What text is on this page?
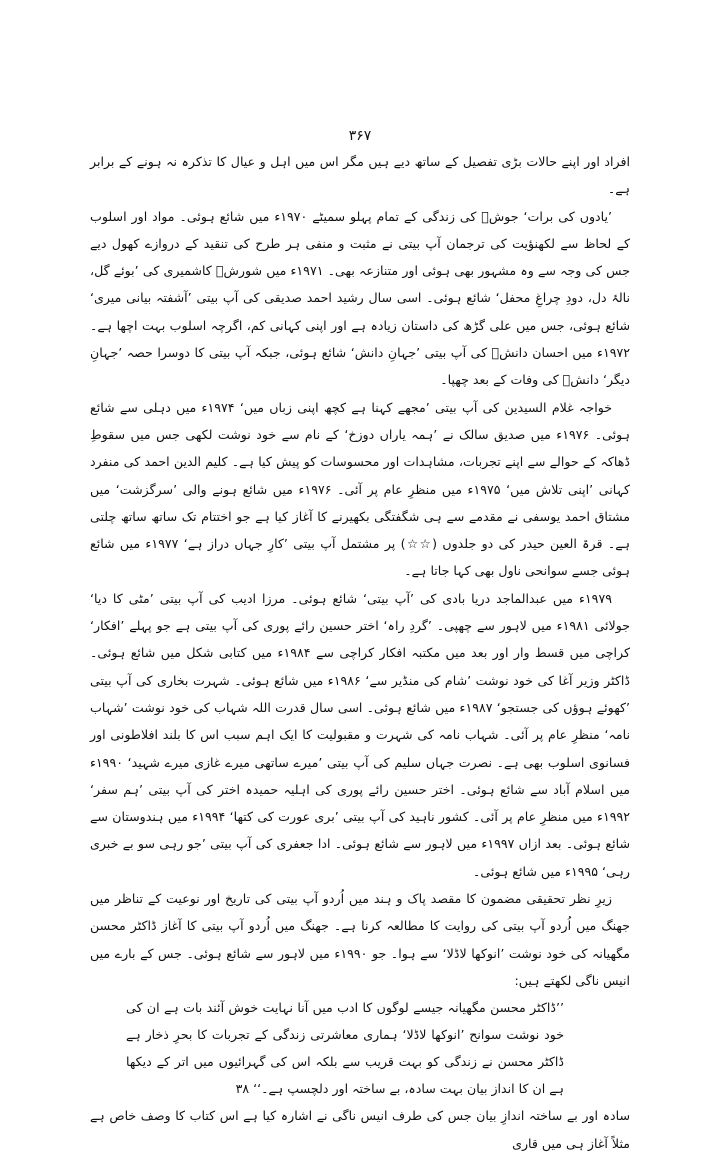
۳۶۷

افراد اور اپنے حالات بڑی تفصیل کے ساتھ دیے ہیں مگر اس میں اہل و عیال کا تذکرہ نہ ہونے کے برابر ہے۔

’یادوں کی برات‘ جوشؔ کی زندگی کے تمام پہلو سمیٹے ۱۹۷۰ء میں شائع ہوئی۔ مواد اور اسلوب کے لحاظ سے لکھنؤیت کی ترجمان آپ بیتی نے مثبت و منفی ہر طرح کی تنقید کے دروازے کھول دیے جس کی وجہ سے وہ مشہور بھی ہوئی اور متنازعہ بھی۔ ۱۹۷۱ء میں شورشؔ کاشمیری کی ’بوئے گل، نالۂ دل، دودِ چراغِ محفل‘ شائع ہوئی۔ اسی سال رشید احمد صدیقی کی آپ بیتی ’آشفتہ بیانی میری‘ شائع ہوئی، جس میں علی گڑھ کی داستان زیادہ ہے اور اپنی کہانی کم، اگرچہ اسلوب بہت اچھا ہے۔ ۱۹۷۲ء میں احسان دانشؔ کی آپ بیتی ’جہانِ دانش‘ شائع ہوئی، جبکہ آپ بیتی کا دوسرا حصہ ’جہانِ دیگر‘ دانشؔ کی وفات کے بعد چھپا۔

خواجہ غلام السیدین کی آپ بیتی ’مجھے کہنا ہے کچھ اپنی زباں میں‘ ۱۹۷۴ء میں دہلی سے شائع ہوئی۔ ۱۹۷۶ء میں صدیق سالک نے ’ہمہ یاراں دوزخ‘ کے نام سے خود نوشت لکھی جس میں سقوطِ ڈھاکہ کے حوالے سے اپنے تجربات، مشاہدات اور محسوسات کو پیش کیا ہے۔ کلیم الدین احمد کی منفرد کہانی ’اپنی تلاش میں‘ ۱۹۷۵ء میں منظرِ عام پر آئی۔ ۱۹۷۶ء میں شائع ہونے والی ’سرگزشت‘ میں مشتاق احمد یوسفی نے مقدمے سے ہی شگفتگی بکھیرنے کا آغاز کیا ہے جو اختتام تک ساتھ ساتھ چلتی ہے۔ قرۃ العین حیدر کی دو جلدوں (☆☆) پر مشتمل آپ بیتی ’کارِ جہاں دراز ہے‘ ۱۹۷۷ء میں شائع ہوئی جسے سوانحی ناول بھی کہا جاتا ہے۔

۱۹۷۹ء میں عبدالماجد دریا بادی کی ’آپ بیتی‘ شائع ہوئی۔ مرزا ادیب کی آپ بیتی ’مٹی کا دیا‘ جولائی ۱۹۸۱ء میں لاہور سے چھپی۔ ’گردِ راہ‘ اختر حسین رائے پوری کی آپ بیتی ہے جو پہلے ’افکار‘ کراچی میں قسط وار اور بعد میں مکتبہ افکار کراچی سے ۱۹۸۴ء میں کتابی شکل میں شائع ہوئی۔ ڈاکٹر وزیر آغا کی خود نوشت ’شام کی منڈیر سے‘ ۱۹۸۶ء میں شائع ہوئی۔ شہرت بخاری کی آپ بیتی ’کھوئے ہوؤں کی جستجو‘ ۱۹۸۷ء میں شائع ہوئی۔ اسی سال قدرت اللہ شہاب کی خود نوشت ’شہاب نامہ‘ منظرِ عام پر آئی۔ شہاب نامہ کی شہرت و مقبولیت کا ایک اہم سبب اس کا بلند افلاطونی اور فسانوی اسلوب بھی ہے۔ نصرت جہاں سلیم کی آپ بیتی ’میرے ساتھی میرے غازی میرے شہید‘ ۱۹۹۰ء میں اسلام آباد سے شائع ہوئی۔ اختر حسین رائے پوری کی اہلیہ حمیدہ اختر کی آپ بیتی ’ہم سفر‘ ۱۹۹۲ء میں منظرِ عام پر آئی۔ کشور ناہید کی آپ بیتی ’بری عورت کی کتھا‘ ۱۹۹۴ء میں ہندوستان سے شائع ہوئی۔ بعد ازاں ۱۹۹۷ء میں لاہور سے شائع ہوئی۔ ادا جعفری کی آپ بیتی ’جو رہی سو بے خبری رہی‘ ۱۹۹۵ء میں شائع ہوئی۔

زیرِ نظر تحقیقی مضمون کا مقصد پاک و ہند میں اُردو آپ بیتی کی تاریخ اور نوعیت کے تناظر میں جھنگ میں اُردو آپ بیتی کی روایت کا مطالعہ کرنا ہے۔ جھنگ میں اُردو آپ بیتی کا آغاز ڈاکٹر محسن مگھیانہ کی خود نوشت ’انوکھا لاڈلا‘ سے ہوا۔ جو ۱۹۹۰ء میں لاہور سے شائع ہوئی۔ جس کے بارے میں انیس ناگی لکھتے ہیں:

’’ڈاکٹر محسن مگھیانہ جیسے لوگوں کا ادب میں آنا نہایت خوش آئند بات ہے ان کی خود نوشت سوانح ’انوکھا لاڈلا‘ ہماری معاشرتی زندگی کے تجربات کا بحرِ ذخار ہے ڈاکٹر محسن نے زندگی کو بہت قریب سے بلکہ اس کی گہرائیوں میں اتر کے دیکھا ہے ان کا انداز بیان بہت سادہ، بے ساختہ اور دلچسپ ہے۔‘‘ ۳۸

سادہ اور بے ساختہ اندازِ بیان جس کی طرف انیس ناگی نے اشارہ کیا ہے اس کتاب کا وصف خاص ہے مثلاً آغاز ہی میں قاری
